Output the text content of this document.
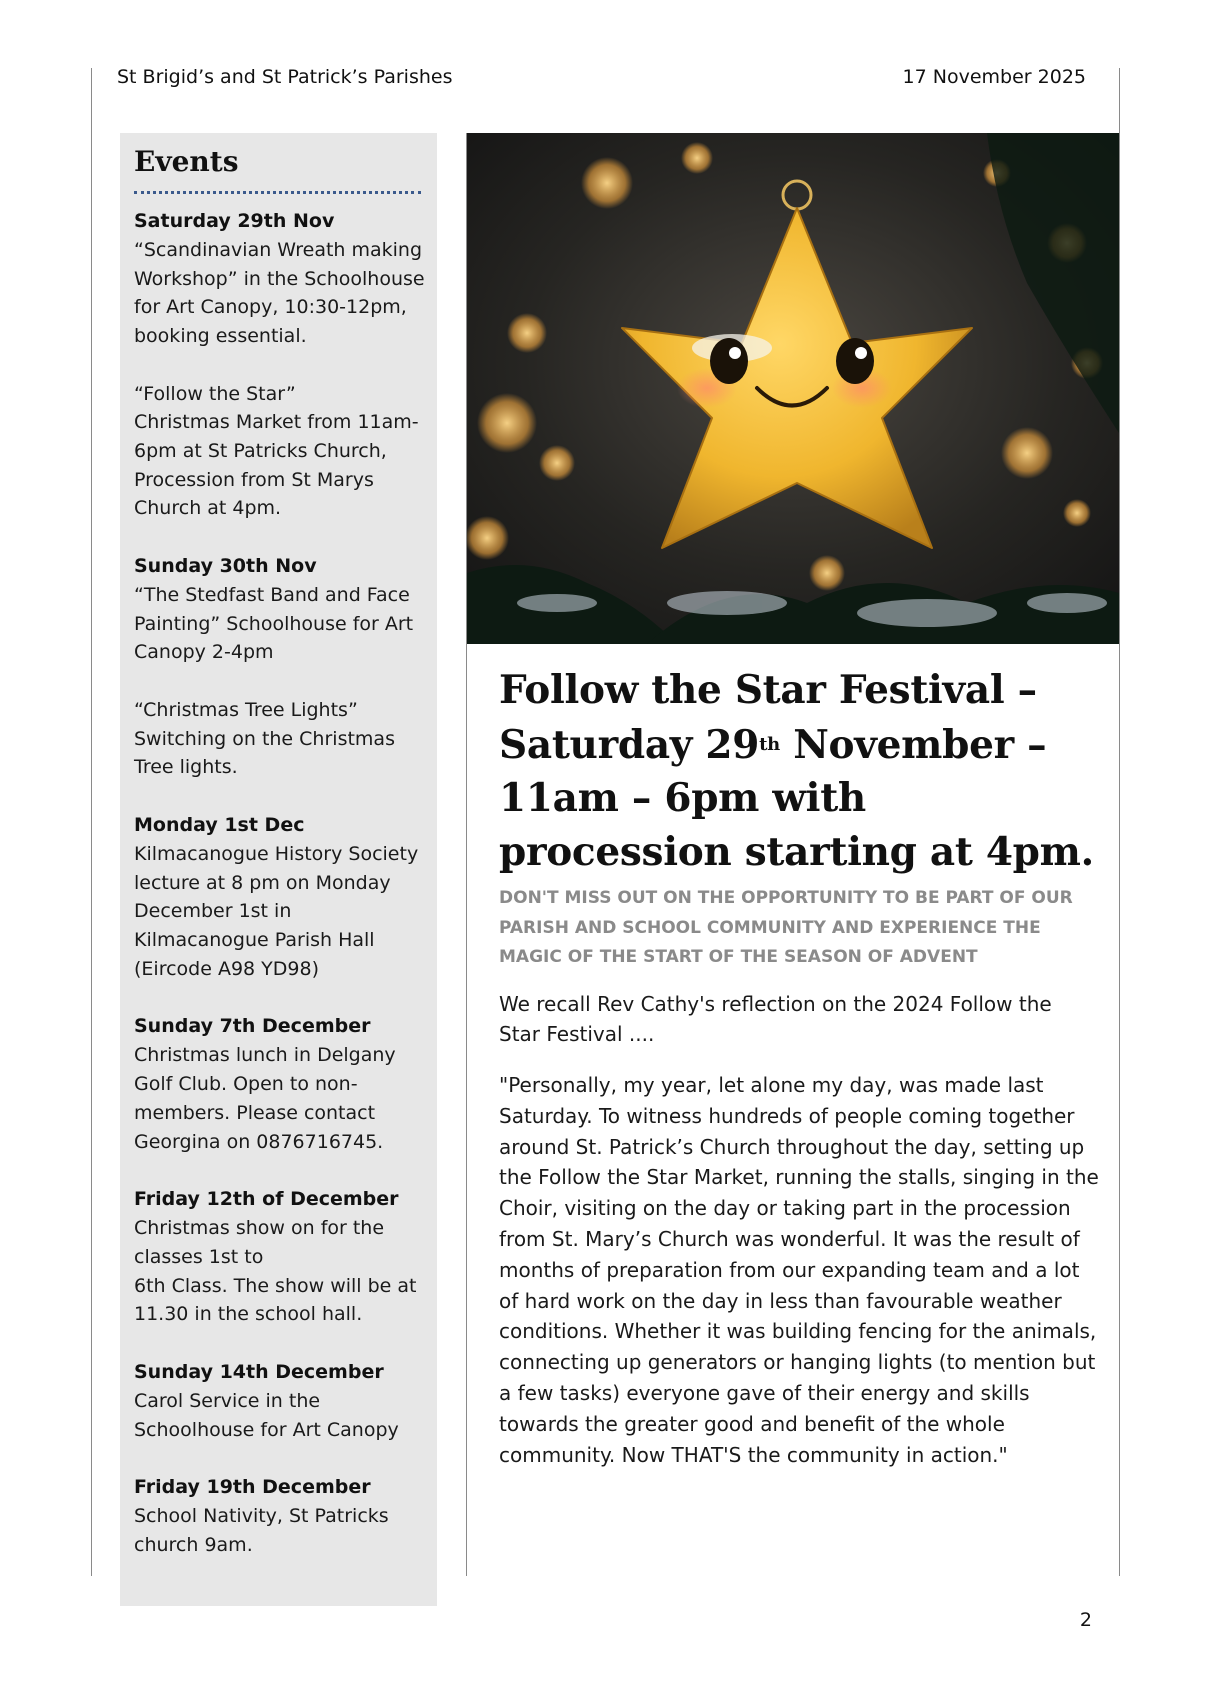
St Brigid’s and St Patrick’s Parishes	17 November 2025
Events
Saturday 29th Nov
“Scandinavian Wreath making Workshop” in the Schoolhouse for Art Canopy, 10:30-12pm, booking essential.
“Follow the Star”
Christmas Market from 11am-6pm at St Patricks Church,
Procession from St Marys Church at 4pm.
Sunday 30th Nov
“The Stedfast Band and Face Painting” Schoolhouse for Art Canopy 2-4pm
“Christmas Tree Lights” Switching on the Christmas Tree lights.
Monday 1st Dec
Kilmacanogue History Society lecture at 8 pm on Monday December 1st in Kilmacanogue Parish Hall (Eircode A98 YD98)
Sunday 7th December
Christmas lunch in Delgany Golf Club. Open to non-members. Please contact Georgina on 0876716745.
Friday 12th of December
Christmas show on for the classes 1st to
6th Class. The show will be at 11.30 in the school hall.
Sunday 14th December
Carol Service in the Schoolhouse for Art Canopy
Friday 19th December
School Nativity, St Patricks church 9am.
Follow the Star Festival – Saturday 29th November – 11am – 6pm with procession starting at 4pm.
DON'T MISS OUT ON THE OPPORTUNITY TO BE PART OF OUR PARISH AND SCHOOL COMMUNITY AND EXPERIENCE THE MAGIC OF THE START OF THE SEASON OF ADVENT

We recall Rev Cathy's reflection on the 2024 Follow the Star Festival ....

"Personally, my year, let alone my day, was made last Saturday. To witness hundreds of people coming together around St. Patrick’s Church throughout the day, setting up the Follow the Star Market, running the stalls, singing in the Choir, visiting on the day or taking part in the procession from St. Mary’s Church was wonderful. It was the result of months of preparation from our expanding team and a lot of hard work on the day in less than favourable weather conditions. Whether it was building fencing for the animals, connecting up generators or hanging lights (to mention but a few tasks) everyone gave of their energy and skills towards the greater good and benefit of the whole community. Now THAT'S the community in action."

2
